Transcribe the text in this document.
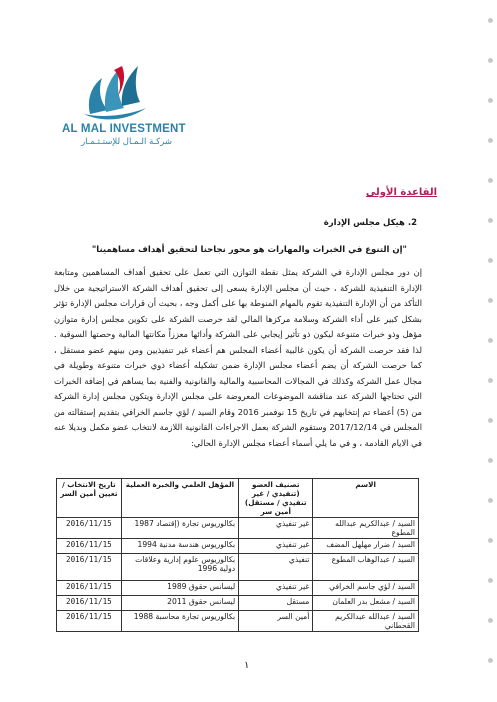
AL MAL INVESTMENT
شركـة الـمـال للإستـثـمـار
القاعدة الأولى
2. هيكل مجلس الإدارة
"إن التنوع في الخبرات والمهارات هو محور نجاحنا لتحقيق أهداف مساهمينا"
إن دور مجلس الإدارة في الشركة يمثل نقطة التوازن التي تعمل على تحقيق أهداف المساهمين ومتابعة الإدارة التنفيذية للشركة ، حيث أن مجلس الإدارة يسعى إلى تحقيق أهداف الشركة الاستراتيجية من خلال التأكد من أن الإدارة التنفيذية تقوم بالمهام المنوطة بها على أكمل وجه ، بحيث أن قرارات مجلس الإدارة تؤثر بشكل كبير على أداء الشركة وسلامة مركزها المالي لقد حرصت الشركة على تكوين مجلس إدارة متوازن مؤهل وذو خبرات متنوعة ليكون ذو تأثير إيجابي على الشركة وأدائها معززاً مكانتها المالية وحصتها السوقية . لذا فقد حرصت الشركة أن يكون غالبية أعضاء المجلس هم أعضاء غير تنفيذيين ومن بينهم عضو مستقل ، كما حرصت الشركة أن يضم أعضاء مجلس الإدارة ضمن تشكيله أعضاء ذوي خبرات متنوعة وطويلة في مجال عمل الشركة وكذلك في المجالات المحاسبية والمالية والقانونية والفنية بما يساهم في إضافة الخبرات التي تحتاجها الشركة عند مناقشة الموضوعات المعروضة على مجلس الإدارة ويتكون مجلس إدارة الشركة من (5) أعضاء تم إنتخابهم في تاريخ 15 نوفمبر 2016 وقام السيد / لؤي جاسم الخرافي بتقديم إستقالته من المجلس في 2017/12/14 وستقوم الشركة بعمل الاجراءات القانونية اللازمة لانتخاب عضو مكمل وبديلا عنه في الايام القادمة ، و في ما يلي أسماء أعضاء مجلس الإدارة الحالي:
الاسم	تصنيف العضو (تنفيذي / غير تنفيذي / مستقل) أمين سر	المؤهل العلمي والخبرة العملية	تاريخ الانتخاب / تعيين أمين السر
السيد / عبدالكريم عبدالله المطوع	غير تنفيذي	بكالوريوس تجارة (إقتصاد 1987	2016/11/15
السيد / ضرار مهلهل المضف	غير تنفيذي	بكالوريوس هندسة مدنية 1994	2016/11/15
السيد / عبدالوهاب المطوع	تنفيذي	بكالوريوس علوم إدارية وعلاقات دولية 1996	2016/11/15
السيد / لؤي جاسم الخرافي	غير تنفيذي	ليسانس حقوق 1989	2016/11/15
السيد / مشعل بدر العلمان	مستقل	ليسانس حقوق 2011	2016/11/15
السيد / عبدالله عبدالكريم القحطاني	أمين السر	بكالوريوس تجارة محاسبة 1988	2016/11/15
١
